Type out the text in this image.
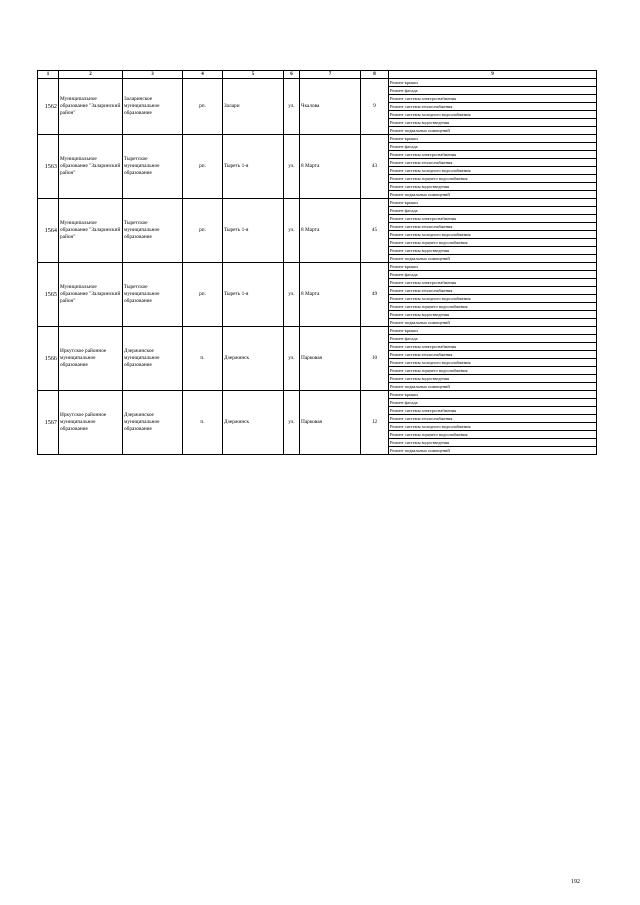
1	2	3	4	5	6	7	8	9
1562	Муниципальное образование "Заларинский район"	Заларинское муниципальное образование	рп.	Залари	ул.	Чкалова	9	Ремонт крыши
								Ремонт фасада
								Ремонт системы электроснабжения
								Ремонт системы теплоснабжения
								Ремонт системы холодного водоснабжения
								Ремонт системы водоотведения
								Ремонт подвальных помещений
1563	Муниципальное образование "Заларинский район"	Тыретское муниципальное образование	рп.	Тыреть 1-я	ул.	8 Марта	43	Ремонт крыши
								Ремонт фасада
								Ремонт системы электроснабжения
								Ремонт системы теплоснабжения
								Ремонт системы холодного водоснабжения
								Ремонт системы горячего водоснабжения
								Ремонт системы водоотведения
								Ремонт подвальных помещений
1564	Муниципальное образование "Заларинский район"	Тыретское муниципальное образование	рп.	Тыреть 1-я	ул.	8 Марта	45	Ремонт крыши
								Ремонт фасада
								Ремонт системы электроснабжения
								Ремонт системы теплоснабжения
								Ремонт системы холодного водоснабжения
								Ремонт системы горячего водоснабжения
								Ремонт системы водоотведения
								Ремонт подвальных помещений
1565	Муниципальное образование "Заларинский район"	Тыретское муниципальное образование	рп.	Тыреть 1-я	ул.	8 Марта	49	Ремонт крыши
								Ремонт фасада
								Ремонт системы электроснабжения
								Ремонт системы теплоснабжения
								Ремонт системы холодного водоснабжения
								Ремонт системы горячего водоснабжения
								Ремонт системы водоотведения
								Ремонт подвальных помещений
1566	Иркутское районное муниципальное образование	Дзержинское муниципальное образование	п.	Дзержинск	ул.	Парковая	10	Ремонт крыши
								Ремонт фасада
								Ремонт системы электроснабжения
								Ремонт системы теплоснабжения
								Ремонт системы холодного водоснабжения
								Ремонт системы горячего водоснабжения
								Ремонт системы водоотведения
								Ремонт подвальных помещений
1567	Иркутское районное муниципальное образование	Дзержинское муниципальное образование	п.	Дзержинск	ул.	Парковая	12	Ремонт крыши
								Ремонт фасада
								Ремонт системы электроснабжения
								Ремонт системы теплоснабжения
								Ремонт системы холодного водоснабжения
								Ремонт системы горячего водоснабжения
								Ремонт системы водоотведения
								Ремонт подвальных помещений
192
